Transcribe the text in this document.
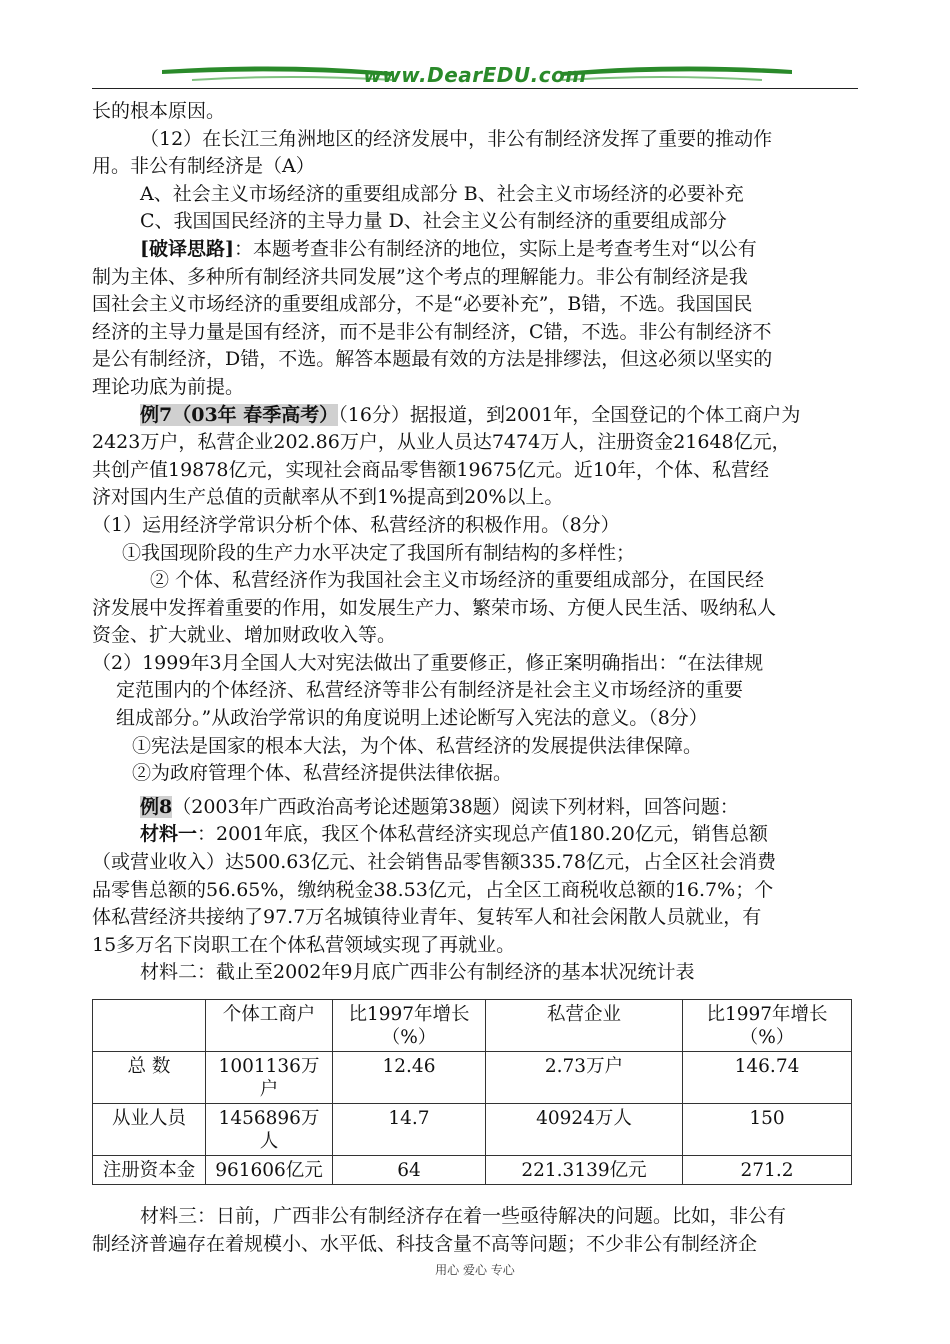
www.DearEDU.com

长的根本原因。

（12）在长江三角洲地区的经济发展中，非公有制经济发挥了重要的推动作

用。非公有制经济是（A）

A、社会主义市场经济的重要组成部分 B、社会主义市场经济的必要补充

C、我国国民经济的主导力量 D、社会主义公有制经济的重要组成部分

[破译思路]：本题考查非公有制经济的地位，实际上是考查考生对“以公有

制为主体、多种所有制经济共同发展”这个考点的理解能力。非公有制经济是我

国社会主义市场经济的重要组成部分，不是“必要补充”，B错，不选。我国国民

经济的主导力量是国有经济，而不是非公有制经济，C错，不选。非公有制经济不

是公有制经济，D错，不选。解答本题最有效的方法是排缪法，但这必须以坚实的

理论功底为前提。

例7（03年 春季高考）（16分）据报道，到2001年，全国登记的个体工商户为

2423万户，私营企业202.86万户，从业人员达7474万人，注册资金21648亿元，

共创产值19878亿元，实现社会商品零售额19675亿元。近10年，个体、私营经

济对国内生产总值的贡献率从不到1%提高到20%以上。

（1）运用经济学常识分析个体、私营经济的积极作用。（8分）

①我国现阶段的生产力水平决定了我国所有制结构的多样性；

② 个体、私营经济作为我国社会主义市场经济的重要组成部分，在国民经

济发展中发挥着重要的作用，如发展生产力、繁荣市场、方便人民生活、吸纳私人

资金、扩大就业、增加财政收入等。

（2）1999年3月全国人大对宪法做出了重要修正，修正案明确指出：“在法律规

定范围内的个体经济、私营经济等非公有制经济是社会主义市场经济的重要

组成部分。”从政治学常识的角度说明上述论断写入宪法的意义。（8分）

①宪法是国家的根本大法，为个体、私营经济的发展提供法律保障。

②为政府管理个体、私营经济提供法律依据。

例8（2003年广西政治高考论述题第38题）阅读下列材料，回答问题：

材料一：2001年底，我区个体私营经济实现总产值180.20亿元，销售总额

（或营业收入）达500.63亿元、社会销售品零售额335.78亿元，占全区社会消费

品零售总额的56.65%，缴纳税金38.53亿元，占全区工商税收总额的16.7%；个

体私营经济共接纳了97.7万名城镇待业青年、复转军人和社会闲散人员就业，有

15多万名下岗职工在个体私营领域实现了再就业。

材料二：截止至2002年9月底广西非公有制经济的基本状况统计表

	个体工商户	比1997年增长（%）	私营企业	比1997年增长（%）
总 数	1001136万户	12.46	2.73万户	146.74
从业人员	1456896万人	14.7	40924万人	150
注册资本金	961606亿元	64	221.3139亿元	271.2

材料三：日前，广西非公有制经济存在着一些亟待解决的问题。比如，非公有

制经济普遍存在着规模小、水平低、科技含量不高等问题；不少非公有制经济企

用心 爱心 专心
